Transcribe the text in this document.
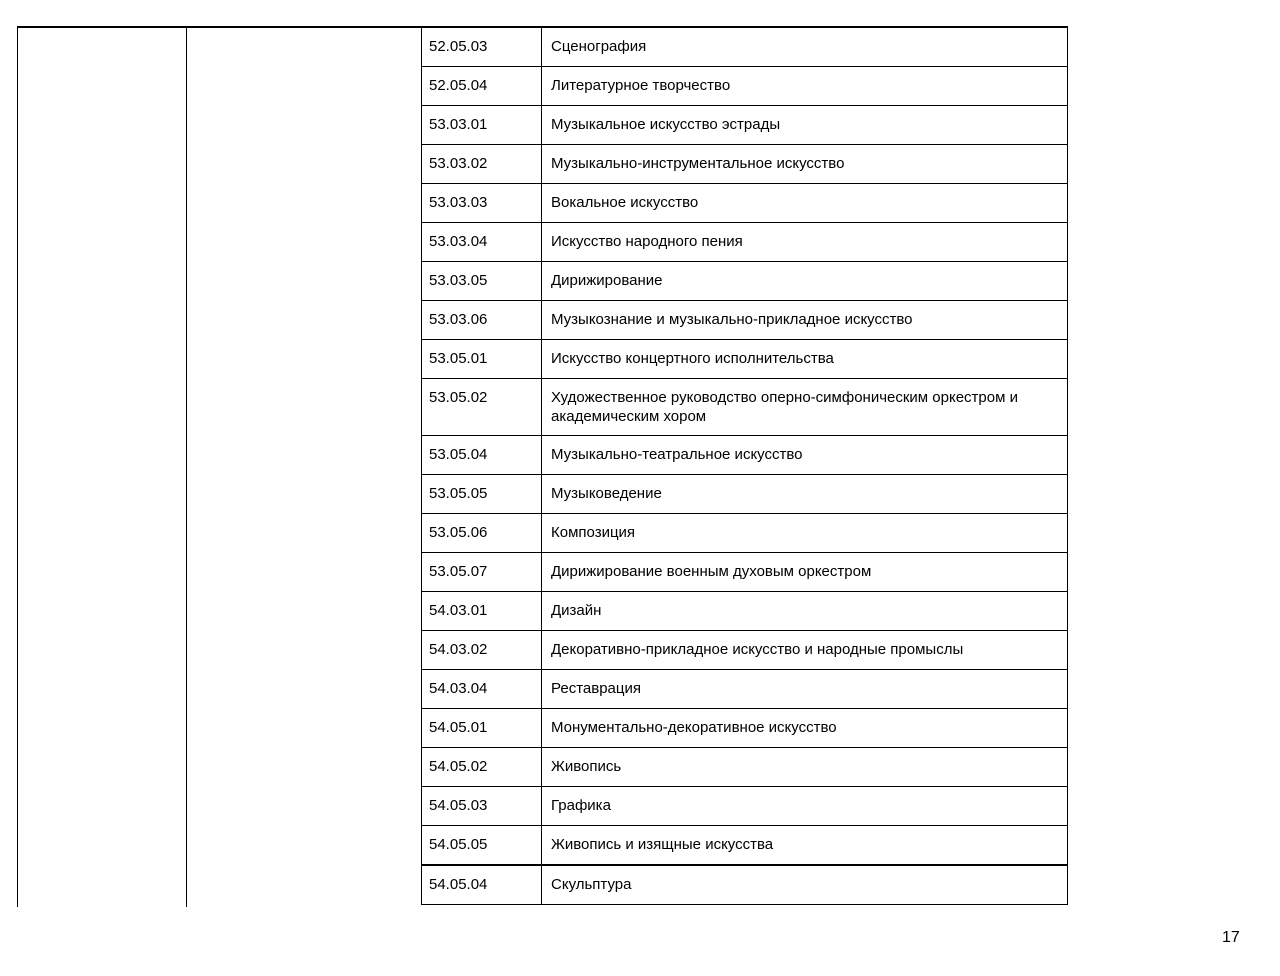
52.05.03	Сценография
52.05.04	Литературное творчество
53.03.01	Музыкальное искусство эстрады
53.03.02	Музыкально-инструментальное искусство
53.03.03	Вокальное искусство
53.03.04	Искусство народного пения
53.03.05	Дирижирование
53.03.06	Музыкознание и музыкально-прикладное искусство
53.05.01	Искусство концертного исполнительства
53.05.02	Художественное руководство оперно-симфоническим оркестром и академическим хором
53.05.04	Музыкально-театральное искусство
53.05.05	Музыковедение
53.05.06	Композиция
53.05.07	Дирижирование военным духовым оркестром
54.03.01	Дизайн
54.03.02	Декоративно-прикладное искусство и народные промыслы
54.03.04	Реставрация
54.05.01	Монументально-декоративное искусство
54.05.02	Живопись
54.05.03	Графика
54.05.05	Живопись и изящные искусства
54.05.04	Скульптура
17
